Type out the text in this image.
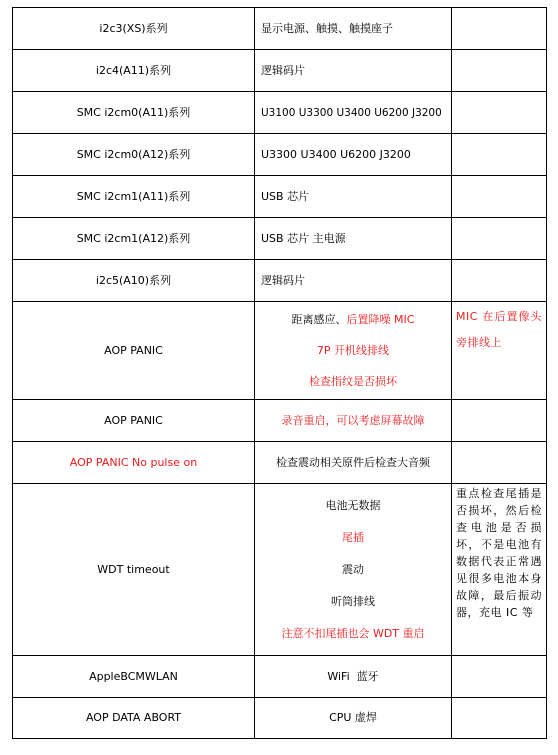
i2c3(XS)系列	显示电源、触摸、触摸座子	
i2c4(A11)系列	逻辑码片	
SMC i2cm0(A11)系列	U3100 U3300 U3400 U6200 J3200	
SMC i2cm0(A12)系列	U3300 U3400 U6200 J3200	
SMC i2cm1(A11)系列	USB 芯片	
SMC i2cm1(A12)系列	USB 芯片 主电源	
i2c5(A10)系列	逻辑码片	
AOP PANIC	距离感应、后置降噪 MIC
7P 开机线排线
检查指纹是否损坏	MIC 在后置像头旁排线上

AOP PANIC	录音重启，可以考虑屏幕故障	
AOP PANIC No pulse on	检查震动相关原件后检查大音频	
WDT timeout	电池无数据
尾插
震动
听筒排线
注意不扣尾插也会 WDT 重启	重点检查尾插是否损坏，然后检查电池是否损坏，不是电池有数据代表正常遇见很多电池本身故障，最后振动器，充电 IC 等

AppleBCMWLAN	WiFi  蓝牙	
AOP DATA ABORT	CPU 虚焊	
